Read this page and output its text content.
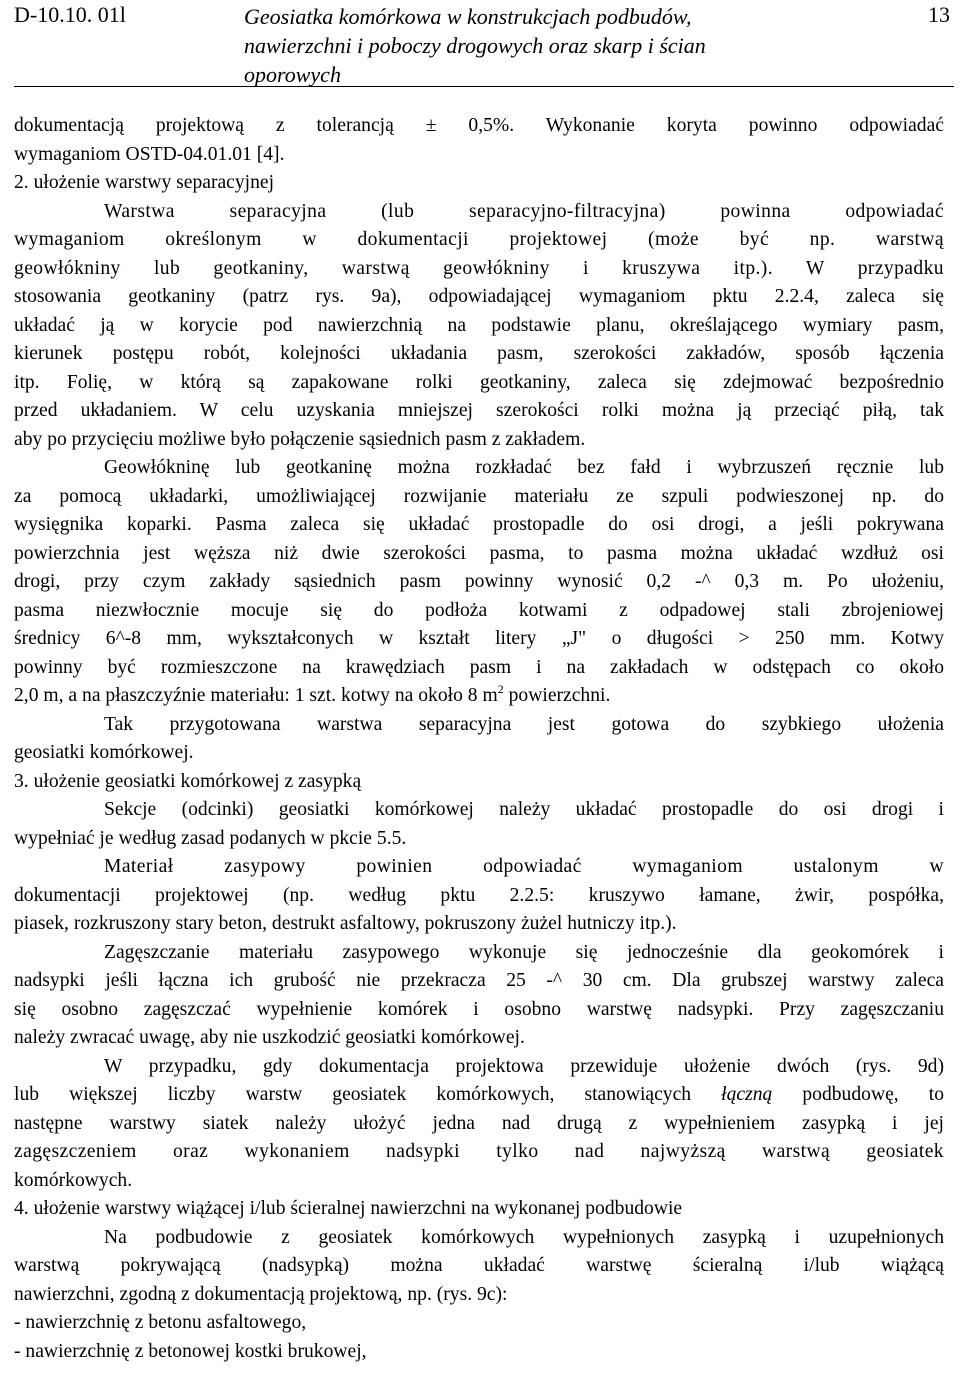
D-10.10. 01l	Geosiatka komórkowa w konstrukcjach podbudów,
nawierzchni i poboczy drogowych oraz skarp i ścian
oporowych
13
dokumentacją projektową z tolerancją ± 0,5%. Wykonanie koryta powinno odpowiadać
wymaganiom OSTD-04.01.01 [4].
2. ułożenie warstwy separacyjnej
Warstwa separacyjna (lub separacyjno-filtracyjna) powinna odpowiadać
wymaganiom określonym w dokumentacji projektowej (może być np. warstwą
geowłókniny lub geotkaniny, warstwą geowłókniny i kruszywa itp.). W przypadku
stosowania geotkaniny (patrz rys. 9a), odpowiadającej wymaganiom pktu 2.2.4, zaleca się
układać ją w korycie pod nawierzchnią na podstawie planu, określającego wymiary pasm,
kierunek postępu robót, kolejności układania pasm, szerokości zakładów, sposób łączenia
itp. Folię, w którą są zapakowane rolki geotkaniny, zaleca się zdejmować bezpośrednio
przed układaniem. W celu uzyskania mniejszej szerokości rolki można ją przeciąć piłą, tak
aby po przycięciu możliwe było połączenie sąsiednich pasm z zakładem.
Geowłókninę lub geotkaninę można rozkładać bez fałd i wybrzuszeń ręcznie lub
za pomocą układarki, umożliwiającej rozwijanie materiału ze szpuli podwieszonej np. do
wysięgnika koparki. Pasma zaleca się układać prostopadle do osi drogi, a jeśli pokrywana
powierzchnia jest węższa niż dwie szerokości pasma, to pasma można układać wzdłuż osi
drogi, przy czym zakłady sąsiednich pasm powinny wynosić 0,2 -^ 0,3 m. Po ułożeniu,
pasma niezwłocznie mocuje się do podłoża kotwami z odpadowej stali zbrojeniowej
średnicy 6^-8 mm, wykształconych w kształt litery „J" o długości > 250 mm. Kotwy
powinny być rozmieszczone na krawędziach pasm i na zakładach w odstępach co około
2,0 m, a na płaszczyźnie materiału: 1 szt. kotwy na około 8 $m^2$ powierzchni.
Tak przygotowana warstwa separacyjna jest gotowa do szybkiego ułożenia
geosiatki komórkowej.
3. ułożenie geosiatki komórkowej z zasypką
Sekcje (odcinki) geosiatki komórkowej należy układać prostopadle do osi drogi i
wypełniać je według zasad podanych w pkcie 5.5.
Materiał zasypowy powinien odpowiadać wymaganiom ustalonym w
dokumentacji projektowej (np. według pktu 2.2.5: kruszywo łamane, żwir, pospółka,
piasek, rozkruszony stary beton, destrukt asfaltowy, pokruszony żużel hutniczy itp.).
Zagęszczanie materiału zasypowego wykonuje się jednocześnie dla geokomórek i
nadsypki jeśli łączna ich grubość nie przekracza 25 -^ 30 cm. Dla grubszej warstwy zaleca
się osobno zagęszczać wypełnienie komórek i osobno warstwę nadsypki. Przy zagęszczaniu
należy zwracać uwagę, aby nie uszkodzić geosiatki komórkowej.
W przypadku, gdy dokumentacja projektowa przewiduje ułożenie dwóch (rys. 9d)
lub większej liczby warstw geosiatek komórkowych, stanowiących łączną podbudowę, to
następne warstwy siatek należy ułożyć jedna nad drugą z wypełnieniem zasypką i jej
zagęszczeniem oraz wykonaniem nadsypki tylko nad najwyższą warstwą geosiatek
komórkowych.
4. ułożenie warstwy wiążącej i/lub ścieralnej nawierzchni na wykonanej podbudowie
Na podbudowie z geosiatek komórkowych wypełnionych zasypką i uzupełnionych
warstwą pokrywającą (nadsypką) można układać warstwę ścieralną i/lub wiążącą
nawierzchni, zgodną z dokumentacją projektową, np. (rys. 9c):
- nawierzchnię z betonu asfaltowego,
- nawierzchnię z betonowej kostki brukowej,
